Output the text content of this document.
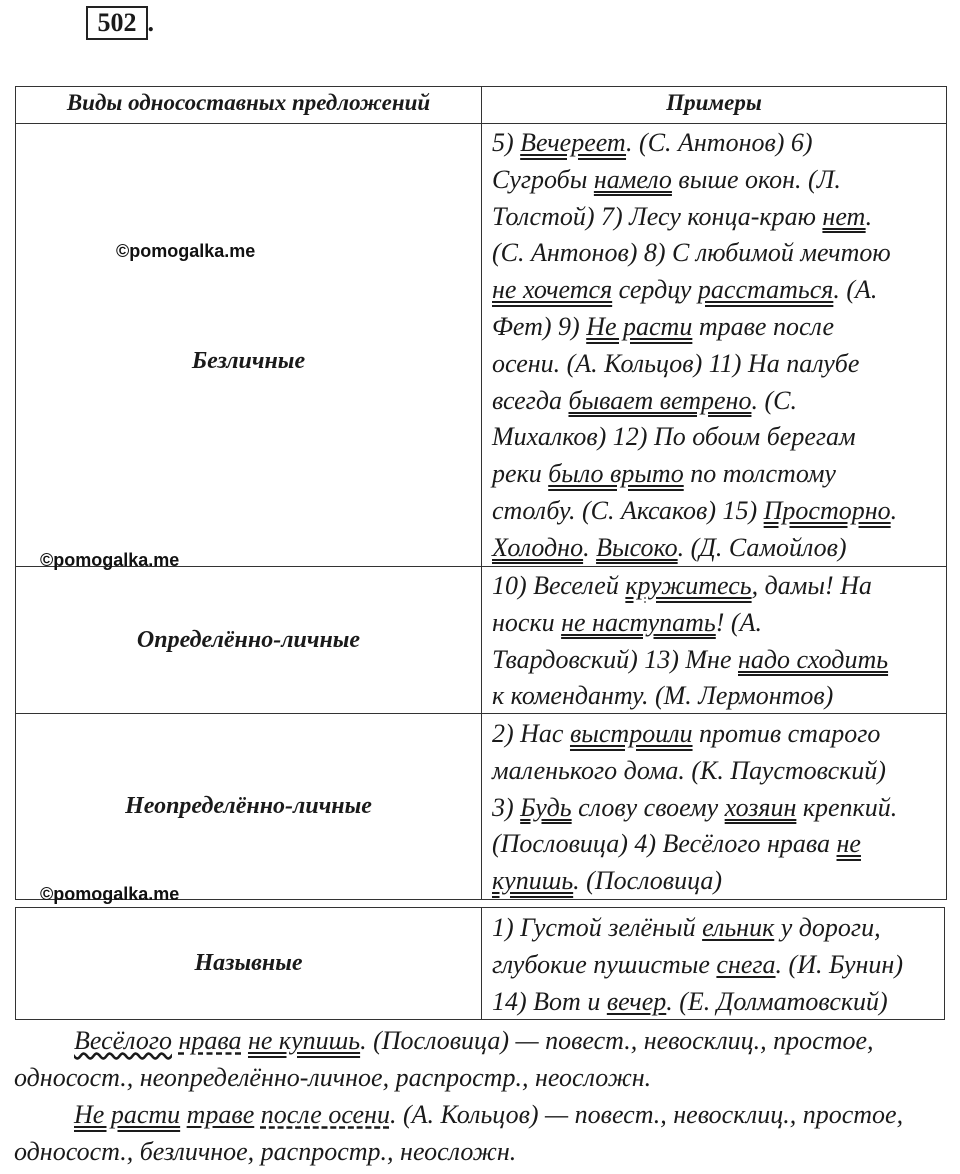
502 .
Виды односоставных предложений	Примеры
Безличные
5) Вечереет. (С. Антонов) 6)
Сугробы намело выше окон. (Л.
Толстой) 7) Лесу конца-краю нет.
(С. Антонов) 8) С любимой мечтою
не хочется сердцу расстаться. (А.
Фет) 9) Не расти траве после
осени. (А. Кольцов) 11) На палубе
всегда бывает ветрено. (С.
Михалков) 12) По обоим берегам
реки было врыто по толстому
столбу. (С. Аксаков) 15) Просторно.
Холодно. Высоко. (Д. Самойлов)
Определённо-личные
10) Веселей кружитесь, дамы! На
носки не наступать! (А.
Твардовский) 13) Мне надо сходить
к коменданту. (М. Лермонтов)
Неопределённо-личные
2) Нас выстроили против старого
маленького дома. (К. Паустовский)
3) Будь слову своему хозяин крепкий.
(Пословица) 4) Весёлого нрава не
купишь. (Пословица)
Назывные
1) Густой зелёный ельник у дороги,
глубокие пушистые снега. (И. Бунин)
14) Вот и вечер. (Е. Долматовский)
©pomogalka.me
©pomogalka.me
©pomogalka.me
Весёлого нрава не купишь. (Пословица) — повест., невосклиц., простое, односост., неопределённо-личное, распростр., неосложн.
Не расти траве после осени. (А. Кольцов) — повест., невосклиц., простое, односост., безличное, распростр., неосложн.
